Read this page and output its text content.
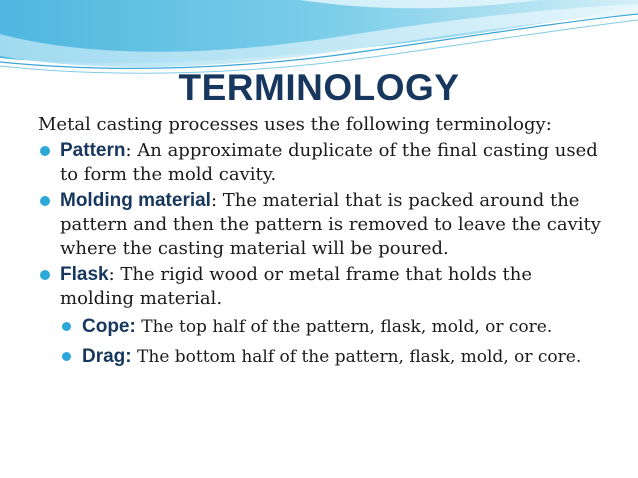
TERMINOLOGY
Metal casting processes uses the following terminology:
Pattern: An approximate duplicate of the final casting used to form the mold cavity.
Molding material: The material that is packed around the pattern and then the pattern is removed to leave the cavity where the casting material will be poured.
Flask: The rigid wood or metal frame that holds the molding material.
Cope: The top half of the pattern, flask, mold, or core.
Drag: The bottom half of the pattern, flask, mold, or core.
